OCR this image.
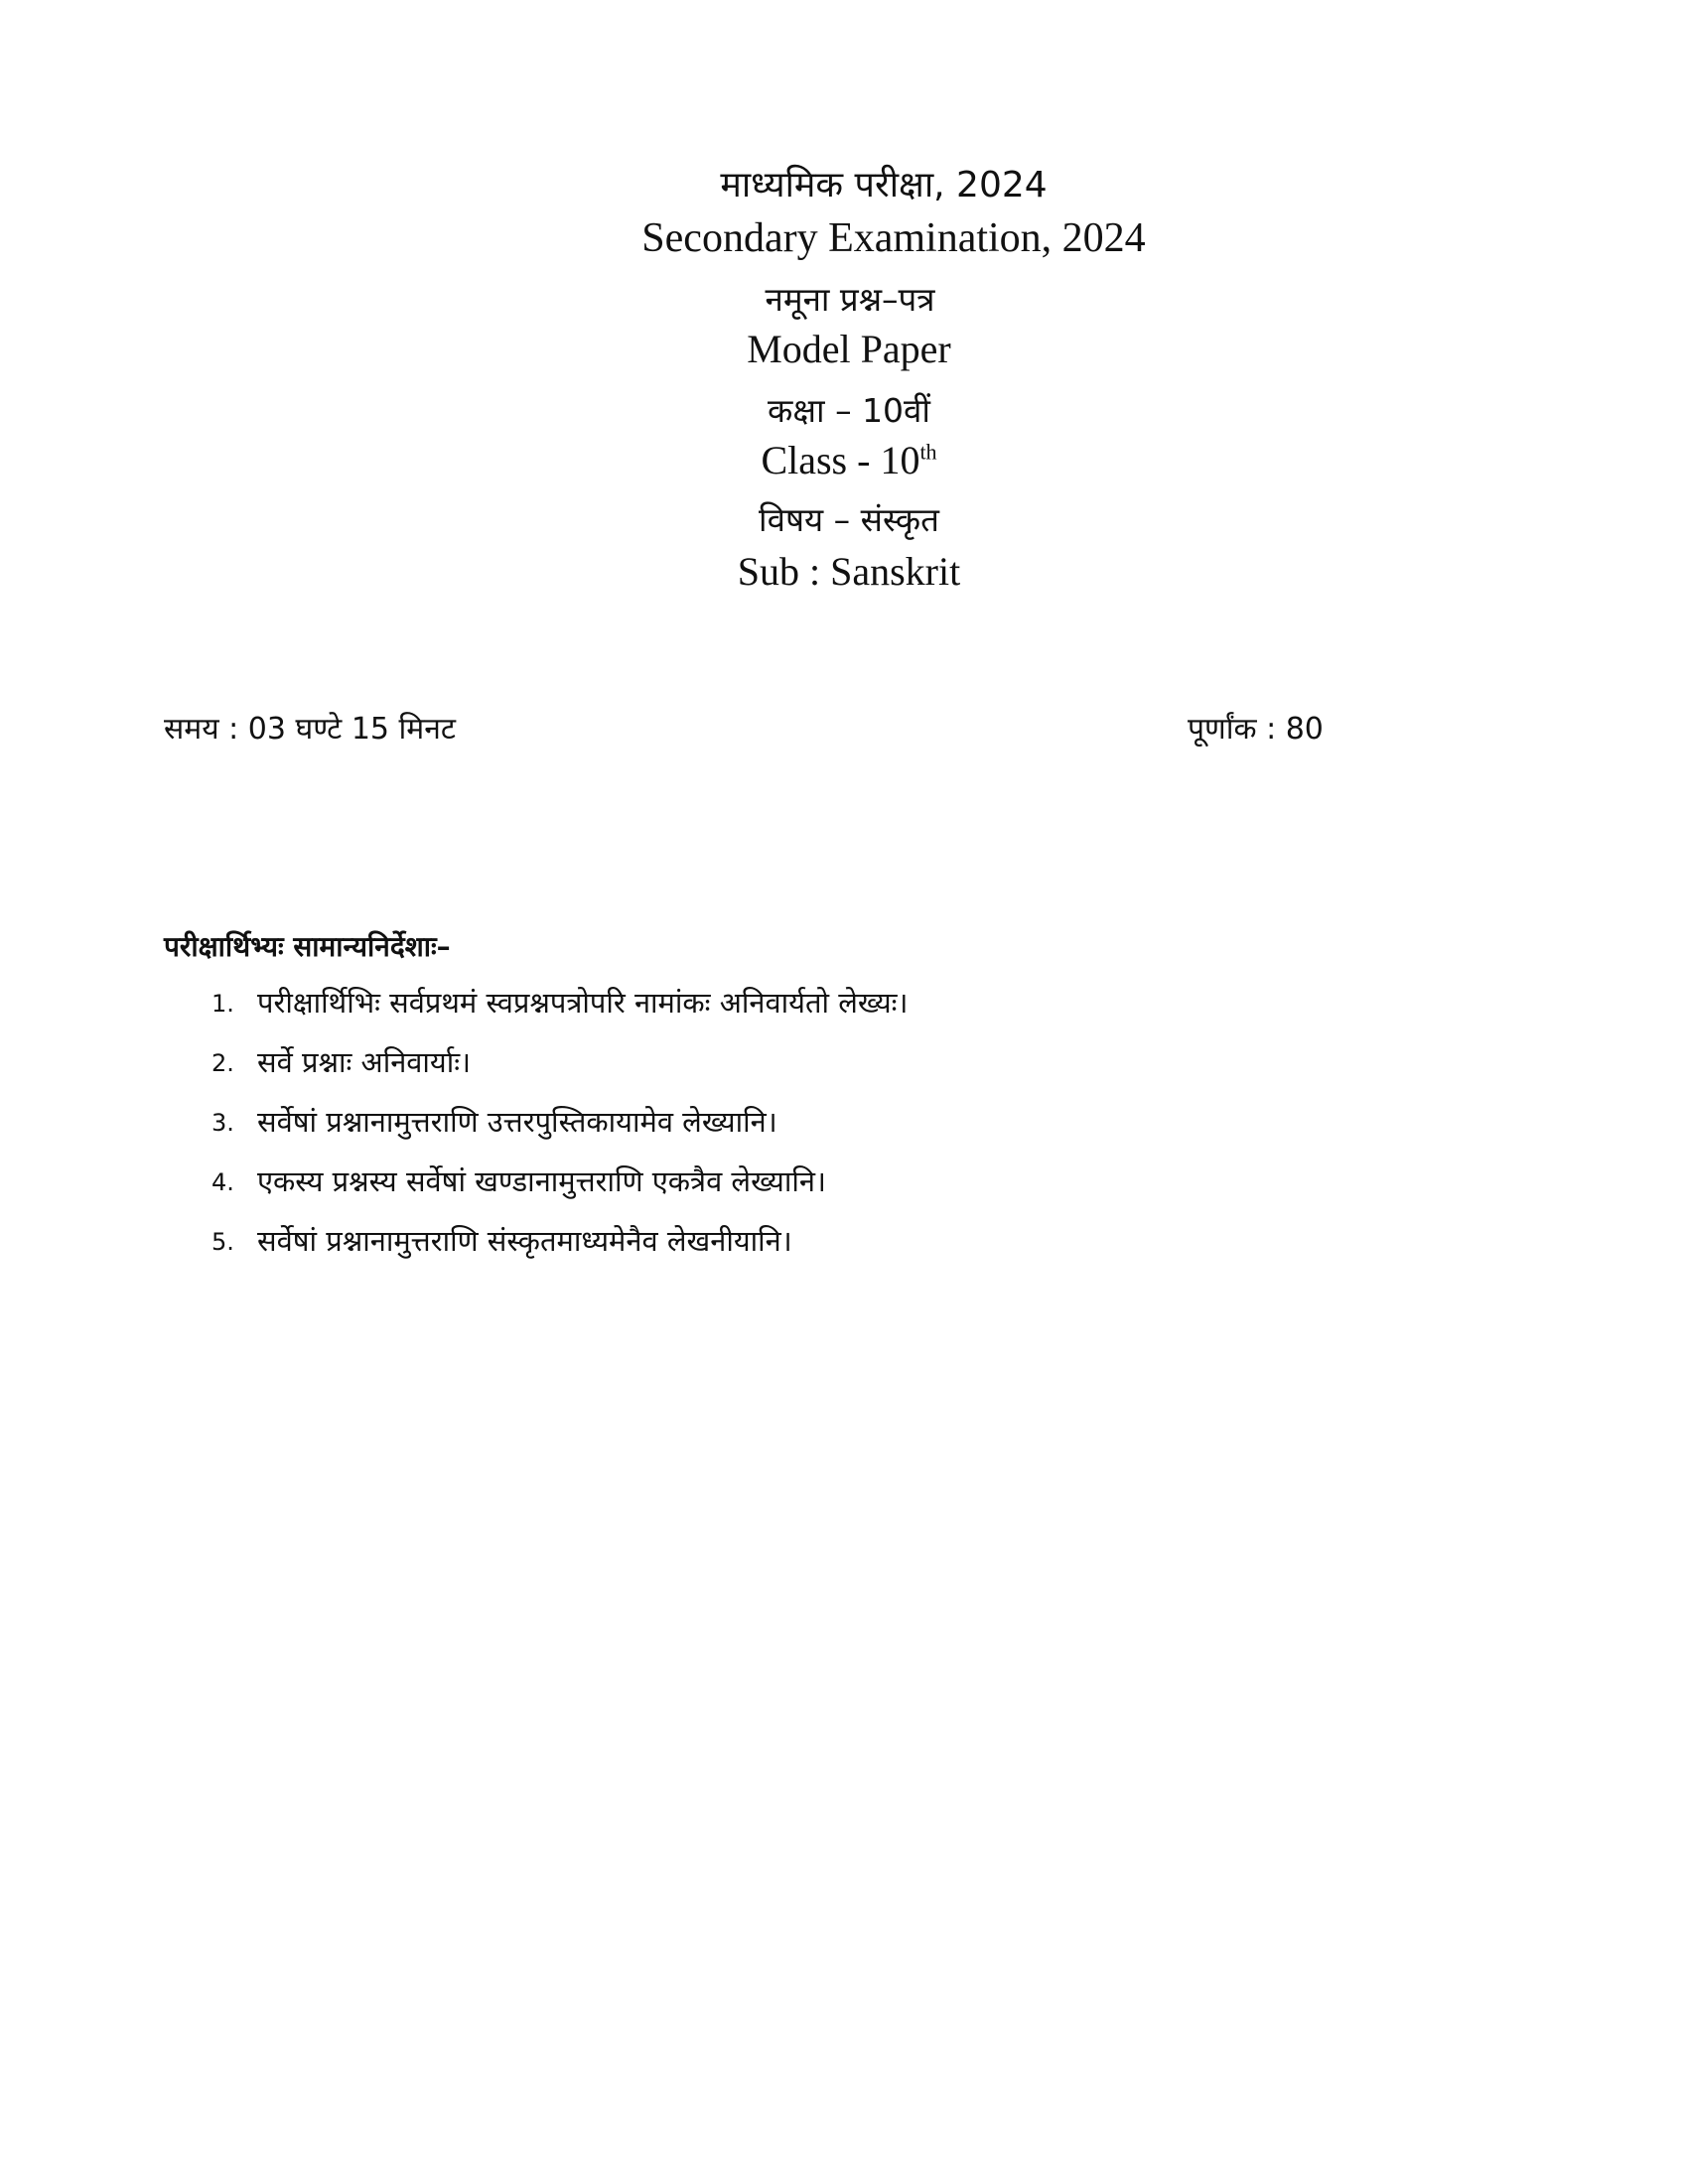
माध्यमिक परीक्षा, 2024
Secondary Examination, 2024
नमूना प्रश्न–पत्र
Model Paper
कक्षा – 10वीं
Class - 10th
विषय – संस्कृत
Sub : Sanskrit
समय : 03 घण्टे 15 मिनट	पूर्णांक : 80
परीक्षार्थिभ्यः सामान्यनिर्देशाः–
1. परीक्षार्थिभिः सर्वप्रथमं स्वप्रश्नपत्रोपरि नामांकः अनिवार्यतो लेख्यः।
2. सर्वे प्रश्नाः अनिवार्याः।
3. सर्वेषां प्रश्नानामुत्तराणि उत्तरपुस्तिकायामेव लेख्यानि।
4. एकस्य प्रश्नस्य सर्वेषां खण्डानामुत्तराणि एकत्रैव लेख्यानि।
5. सर्वेषां प्रश्नानामुत्तराणि संस्कृतमाध्यमेनैव लेखनीयानि।
